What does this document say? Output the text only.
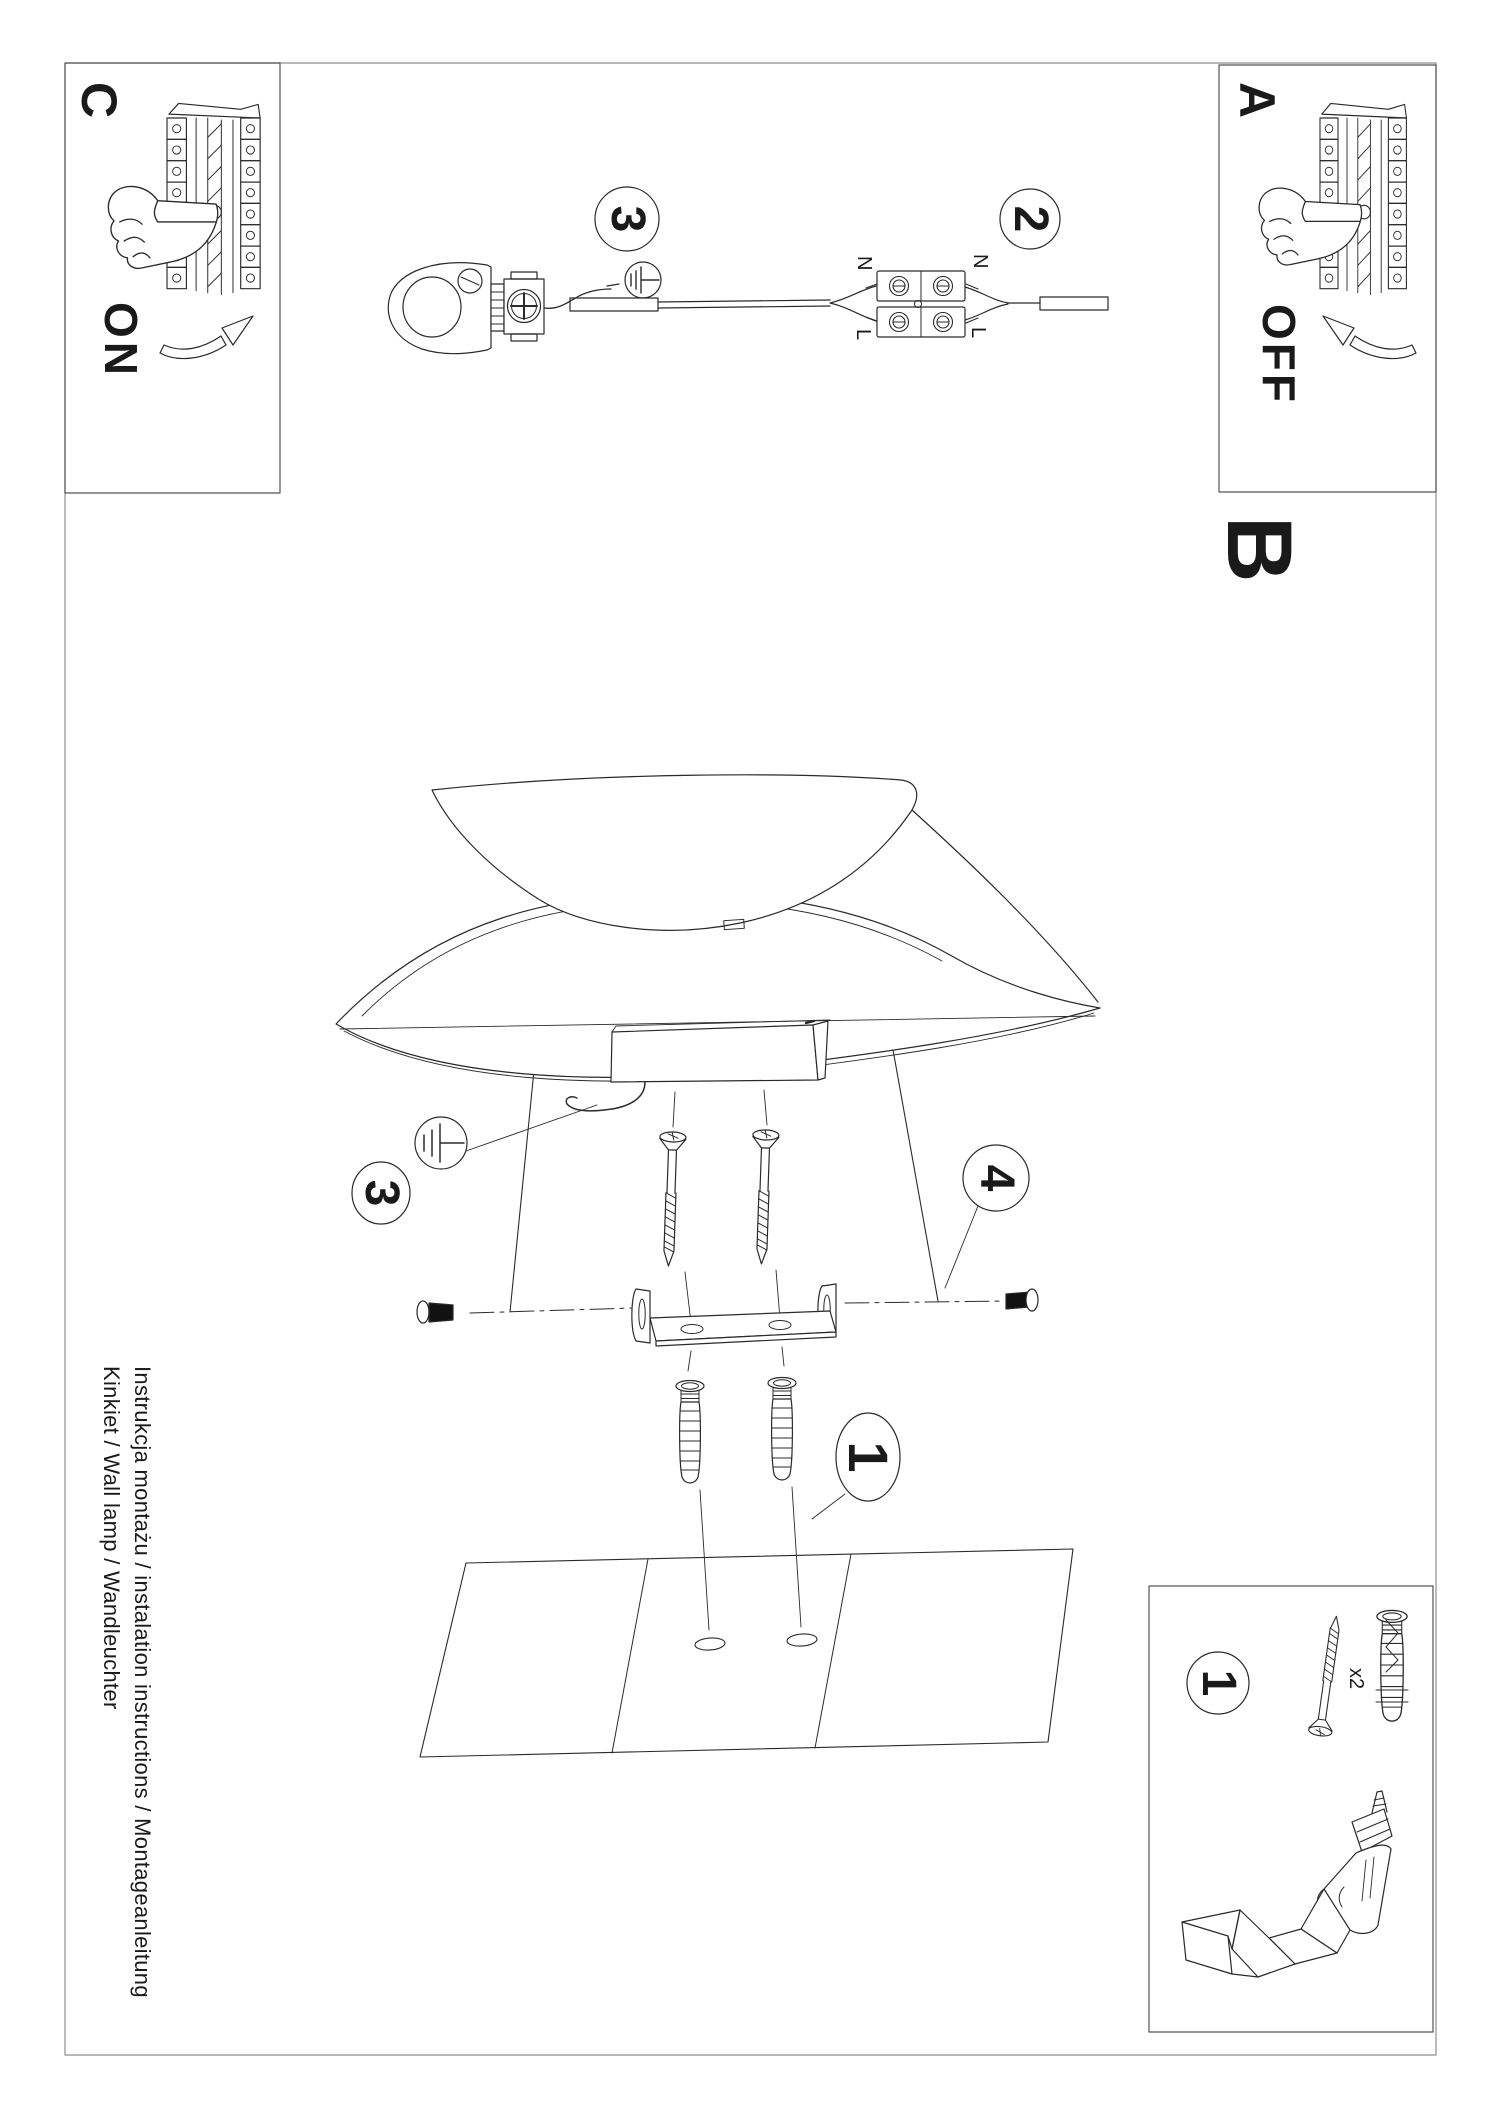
C	A
B
ON	OFF
3	2
3
4
1
1
N	N
L	L
x2
Instrukcja montażu / instalation instructions / Montageanleitung
Kinkiet / Wall lamp / Wandleuchter
